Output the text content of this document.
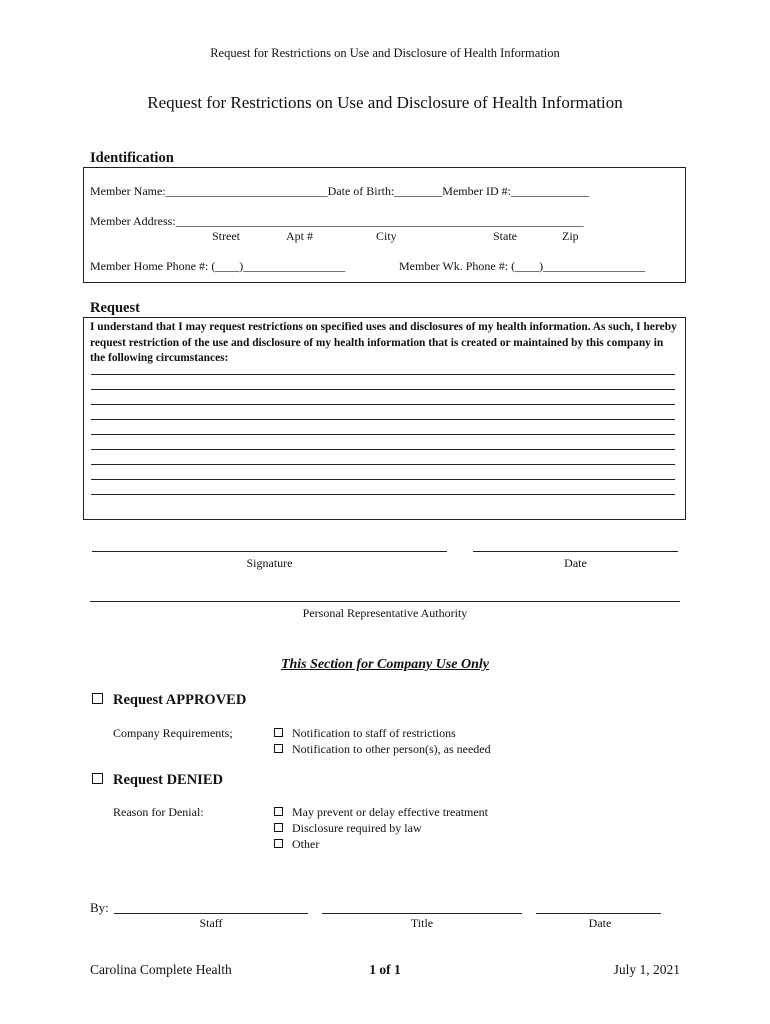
Request for Restrictions on Use and Disclosure of Health Information
Request for Restrictions on Use and Disclosure of Health Information
Identification
Member Name:___________________________Date of Birth:________Member ID #:_____________
Member Address:____________________________________________________________________
Street	Apt #	City	State	Zip
Member Home Phone #: (____)_________________	Member Wk. Phone #: (____)_________________
Request
I understand that I may request restrictions on specified uses and disclosures of my health information. As such, I hereby request restriction of the use and disclosure of my health information that is created or maintained by this company in the following circumstances:
Signature	Date
Personal Representative Authority
This Section for Company Use Only
Request APPROVED
Company Requirements;	Notification to staff of restrictions
Notification to other person(s), as needed
Request DENIED
Reason for Denial:	May prevent or delay effective treatment
Disclosure required by law
Other
By:
Staff	Title	Date
Carolina Complete Health	1 of 1	July 1, 2021
